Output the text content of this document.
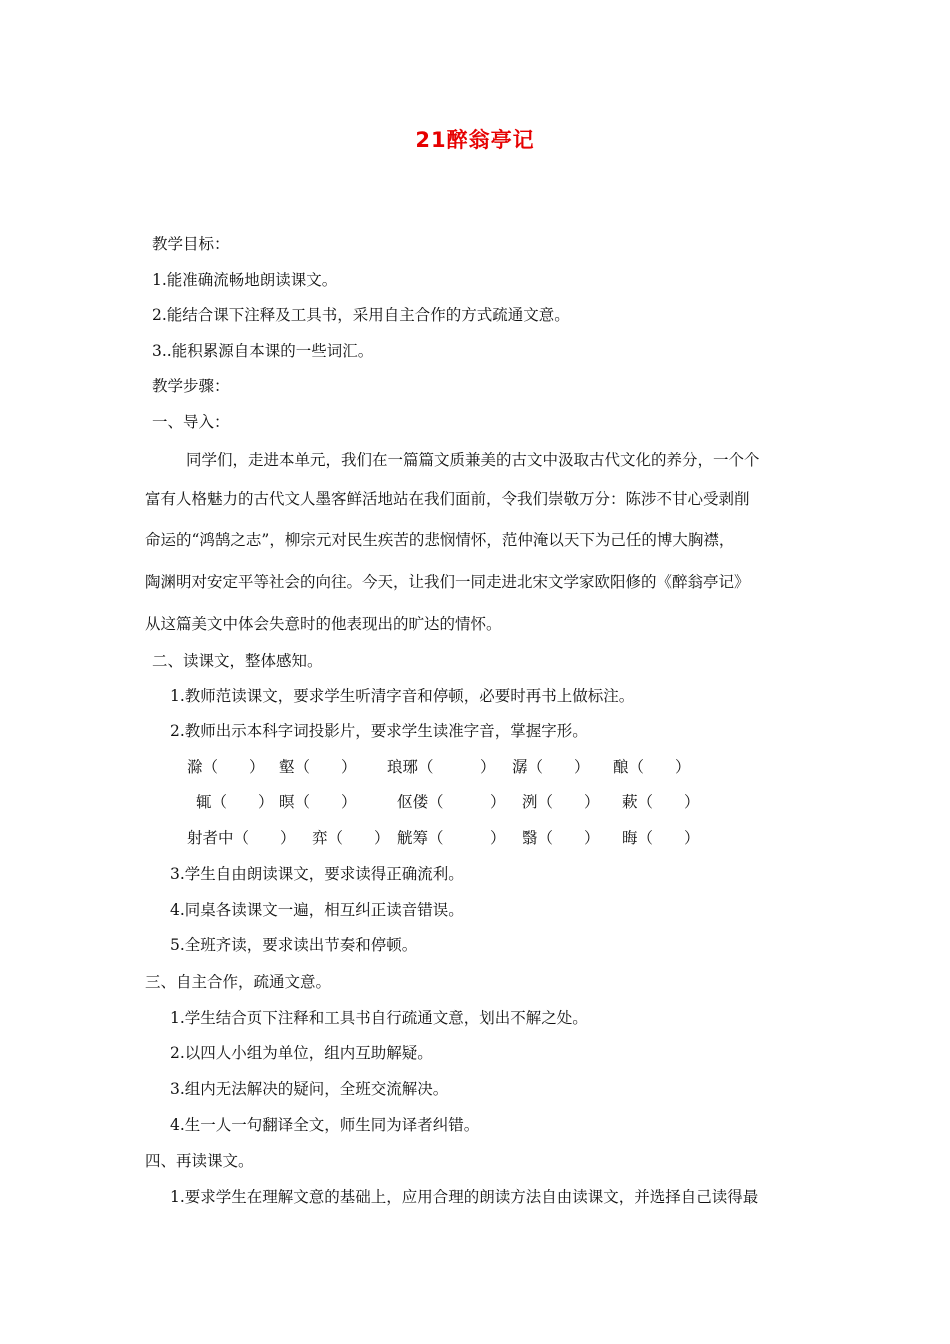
21醉翁亭记
教学目标：
1.能准确流畅地朗读课文。
2.能结合课下注释及工具书，采用自主合作的方式疏通文意。
3..能积累源自本课的一些词汇。
教学步骤：
一、导入：
同学们，走进本单元，我们在一篇篇文质兼美的古文中汲取古代文化的养分，一个个
富有人格魅力的古代文人墨客鲜活地站在我们面前，令我们崇敬万分：陈涉不甘心受剥削
命运的“鸿鹄之志”，柳宗元对民生疾苦的悲悯情怀，范仲淹以天下为己任的博大胸襟，
陶渊明对安定平等社会的向往。今天，让我们一同走进北宋文学家欧阳修的《醉翁亭记》
从这篇美文中体会失意时的他表现出的旷达的情怀。
二、读课文，整体感知。
1.教师范读课文，要求学生听清字音和停顿，必要时再书上做标注。
2.教师出示本科字词投影片，要求学生读准字音，掌握字形。
滁（　　） 壑（　　） 琅琊（　　　） 潺（　　） 酿（　　）
辄（　　） 暝（　　）	伛偻（　　　） 洌（　　） 蔌（　　）
射者中（　　） 弈（　　） 觥筹（　　　） 翳（　　） 晦（　　）
3.学生自由朗读课文，要求读得正确流利。
4.同桌各读课文一遍，相互纠正读音错误。
5.全班齐读，要求读出节奏和停顿。
三、自主合作，疏通文意。
1.学生结合页下注释和工具书自行疏通文意，划出不解之处。
2.以四人小组为单位，组内互助解疑。
3.组内无法解决的疑问，全班交流解决。
4.生一人一句翻译全文，师生同为译者纠错。
四、再读课文。
1.要求学生在理解文意的基础上，应用合理的朗读方法自由读课文，并选择自己读得最
